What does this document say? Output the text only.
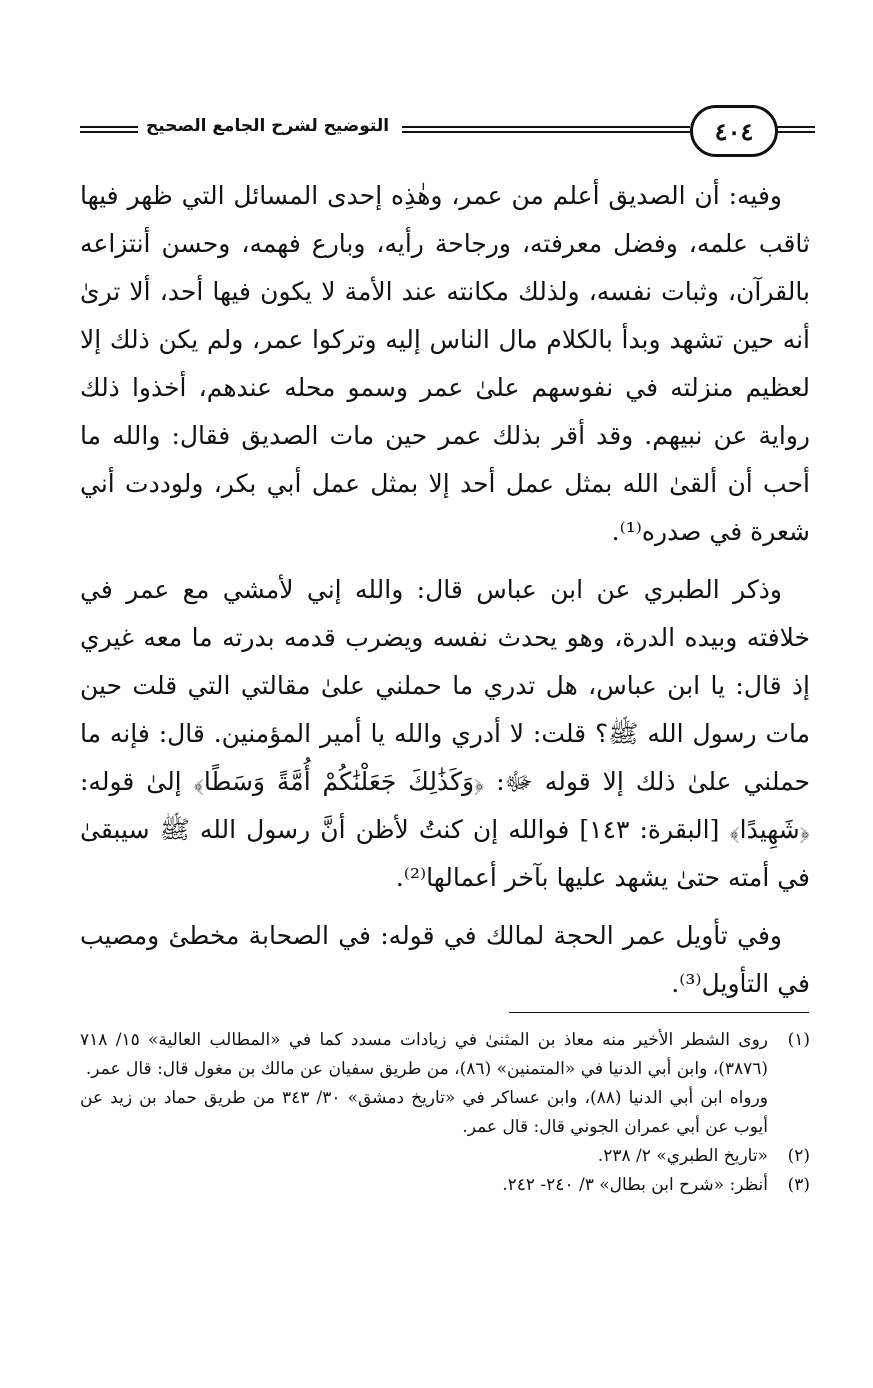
التوضيح لشرح الجامع الصحيح	٤٠٤

وفيه: أن الصديق أعلم من عمر، وهٰذِه إحدى المسائل التي ظهر فيها ثاقب علمه، وفضل معرفته، ورجاحة رأيه، وبارع فهمه، وحسن أنتزاعه بالقرآن، وثبات نفسه، ولذلك مكانته عند الأمة لا يكون فيها أحد، ألا ترىٰ أنه حين تشهد وبدأ بالكلام مال الناس إليه وتركوا عمر، ولم يكن ذلك إلا لعظيم منزلته في نفوسهم علىٰ عمر وسمو محله عندهم، أخذوا ذلك رواية عن نبيهم. وقد أقر بذلك عمر حين مات الصديق فقال: والله ما أحب أن ألقىٰ الله بمثل عمل أحد إلا بمثل عمل أبي بكر، ولوددت أني شعرة في صدره⁽¹⁾.

وذكر الطبري عن ابن عباس قال: والله إني لأمشي مع عمر في خلافته وبيده الدرة، وهو يحدث نفسه ويضرب قدمه بدرته ما معه غيري إذ قال: يا ابن عباس، هل تدري ما حملني علىٰ مقالتي التي قلت حين مات رسول الله ﷺ؟ قلت: لا أدري والله يا أمير المؤمنين. قال: فإنه ما حملني علىٰ ذلك إلا قوله ﷻ: ﴿وَكَذَٰلِكَ جَعَلْنَٰكُمْ أُمَّةً وَسَطًا﴾ إلىٰ قوله: ﴿شَهِيدًا﴾ [البقرة: ١٤٣] فوالله إن كنتُ لأظن أنَّ رسول الله ﷺ سيبقىٰ في أمته حتىٰ يشهد عليها بآخر أعمالها⁽²⁾.

وفي تأويل عمر الحجة لمالك في قوله: في الصحابة مخطئ ومصيب في التأويل⁽³⁾.

(١)
روى الشطر الأخير منه معاذ بن المثنىٰ في زيادات مسدد كما في «المطالب العالية» ١٥/ ٧١٨ (٣٨٧٦)، وابن أبي الدنيا في «المتمنين» (٨٦)، من طريق سفيان عن مالك بن مغول قال: قال عمر.
ورواه ابن أبي الدنيا (٨٨)، وابن عساكر في «تاريخ دمشق» ٣٠/ ٣٤٣ من طريق حماد بن زيد عن أيوب عن أبي عمران الجوني قال: قال عمر.
(٢)
«تاريخ الطبري» ٢/ ٢٣٨.
(٣)
أنظر: «شرح ابن بطال» ٣/ ٢٤٠- ٢٤٢.
